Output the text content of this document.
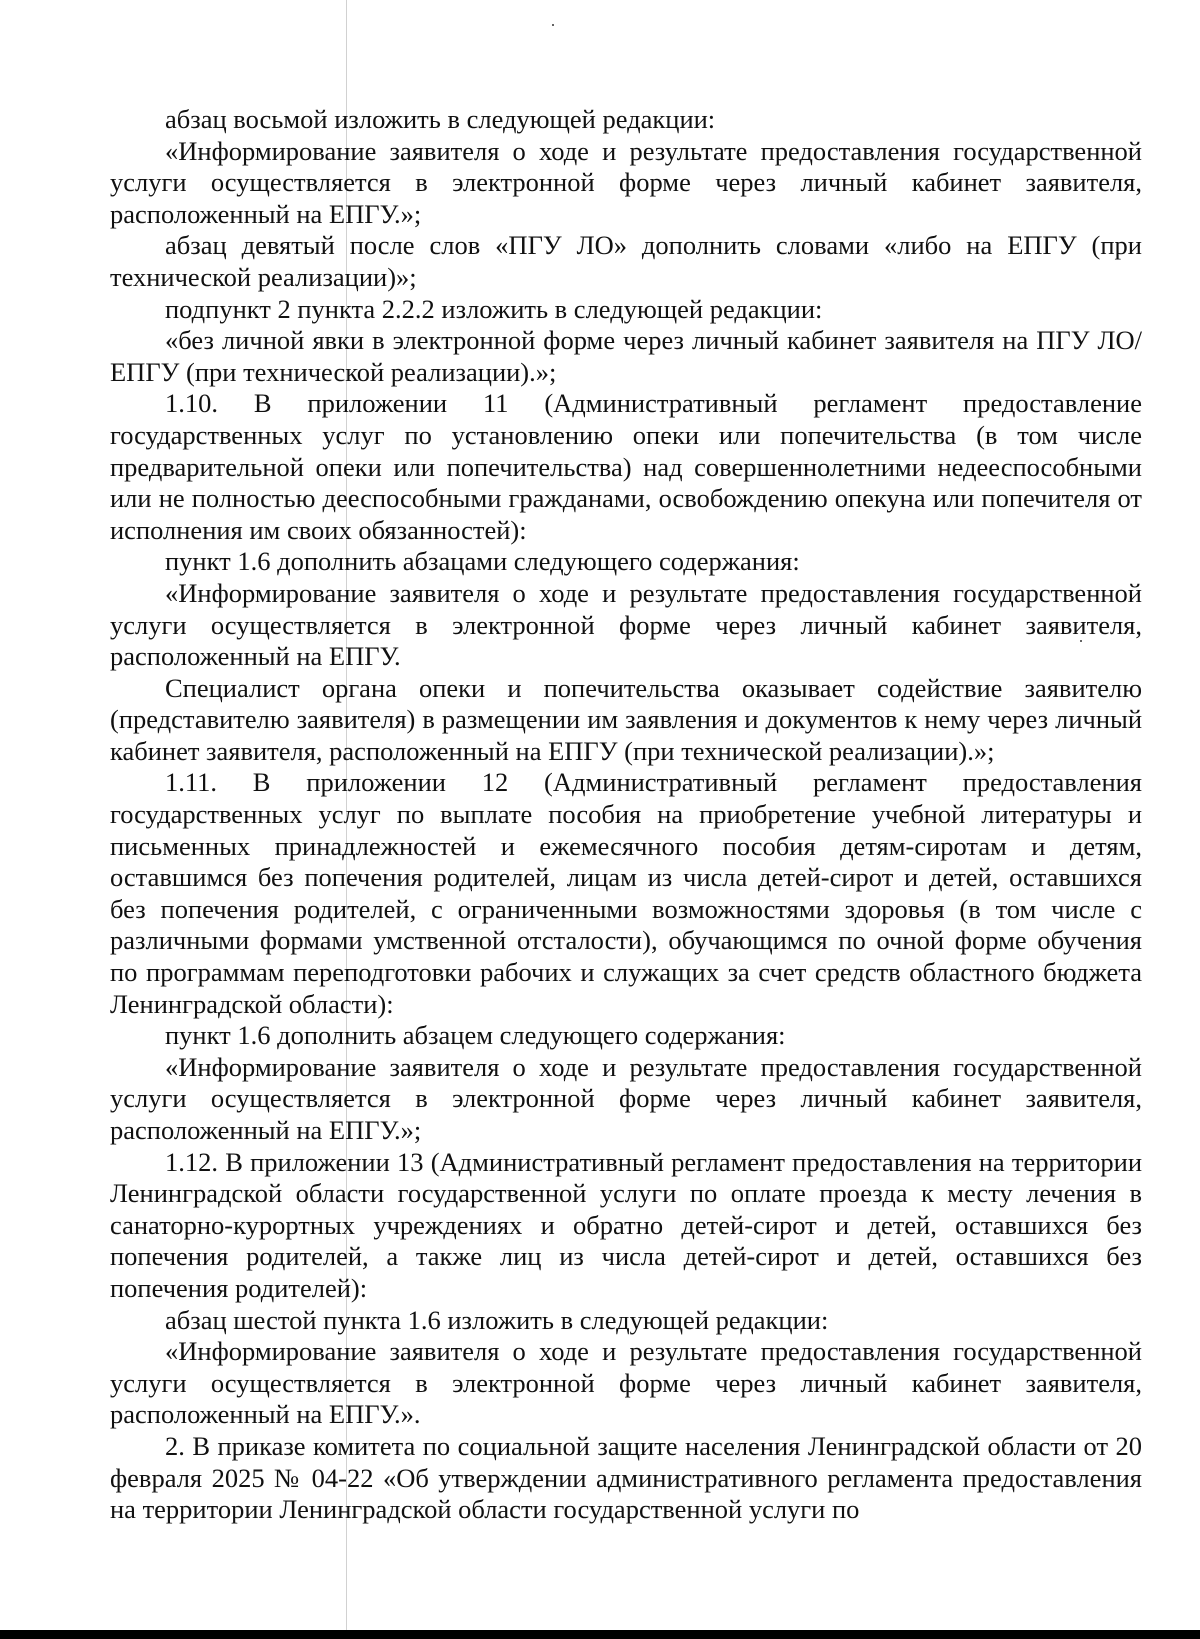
абзац восьмой изложить в следующей редакции:

«Информирование заявителя о ходе и результате предоставления государственной услуги осуществляется в электронной форме через личный кабинет заявителя, расположенный на ЕПГУ.»;

абзац девятый после слов «ПГУ ЛО» дополнить словами «либо на ЕПГУ (при технической реализации)»;

подпункт 2 пункта 2.2.2 изложить в следующей редакции:

«без личной явки в электронной форме через личный кабинет заявителя на ПГУ ЛО/ЕПГУ (при технической реализации).»;

1.10. В приложении 11 (Административный регламент предоставление государственных услуг по установлению опеки или попечительства (в том числе предварительной опеки или попечительства) над совершеннолетними недееспособными или не полностью дееспособными гражданами, освобождению опекуна или попечителя от исполнения им своих обязанностей):

пункт 1.6 дополнить абзацами следующего содержания:

«Информирование заявителя о ходе и результате предоставления государственной услуги осуществляется в электронной форме через личный кабинет заявителя, расположенный на ЕПГУ.

Специалист органа опеки и попечительства оказывает содействие заявителю (представителю заявителя) в размещении им заявления и документов к нему через личный кабинет заявителя, расположенный на ЕПГУ (при технической реализации).»;

1.11. В приложении 12 (Административный регламент предоставления государственных услуг по выплате пособия на приобретение учебной литературы и письменных принадлежностей и ежемесячного пособия детям-сиротам и детям, оставшимся без попечения родителей, лицам из числа детей-сирот и детей, оставшихся без попечения родителей, с ограниченными возможностями здоровья (в том числе с различными формами умственной отсталости), обучающимся по очной форме обучения по программам переподготовки рабочих и служащих за счет средств областного бюджета Ленинградской области):

пункт 1.6 дополнить абзацем следующего содержания:

«Информирование заявителя о ходе и результате предоставления государственной услуги осуществляется в электронной форме через личный кабинет заявителя, расположенный на ЕПГУ.»;

1.12. В приложении 13 (Административный регламент предоставления на территории Ленинградской области государственной услуги по оплате проезда к месту лечения в санаторно-курортных учреждениях и обратно детей-сирот и детей, оставшихся без попечения родителей, а также лиц из числа детей-сирот и детей, оставшихся без попечения родителей):

абзац шестой пункта 1.6 изложить в следующей редакции:

«Информирование заявителя о ходе и результате предоставления государственной услуги осуществляется в электронной форме через личный кабинет заявителя, расположенный на ЕПГУ.».

2. В приказе комитета по социальной защите населения Ленинградской области от 20 февраля 2025 № 04-22 «Об утверждении административного регламента предоставления на территории Ленинградской области государственной услуги по
